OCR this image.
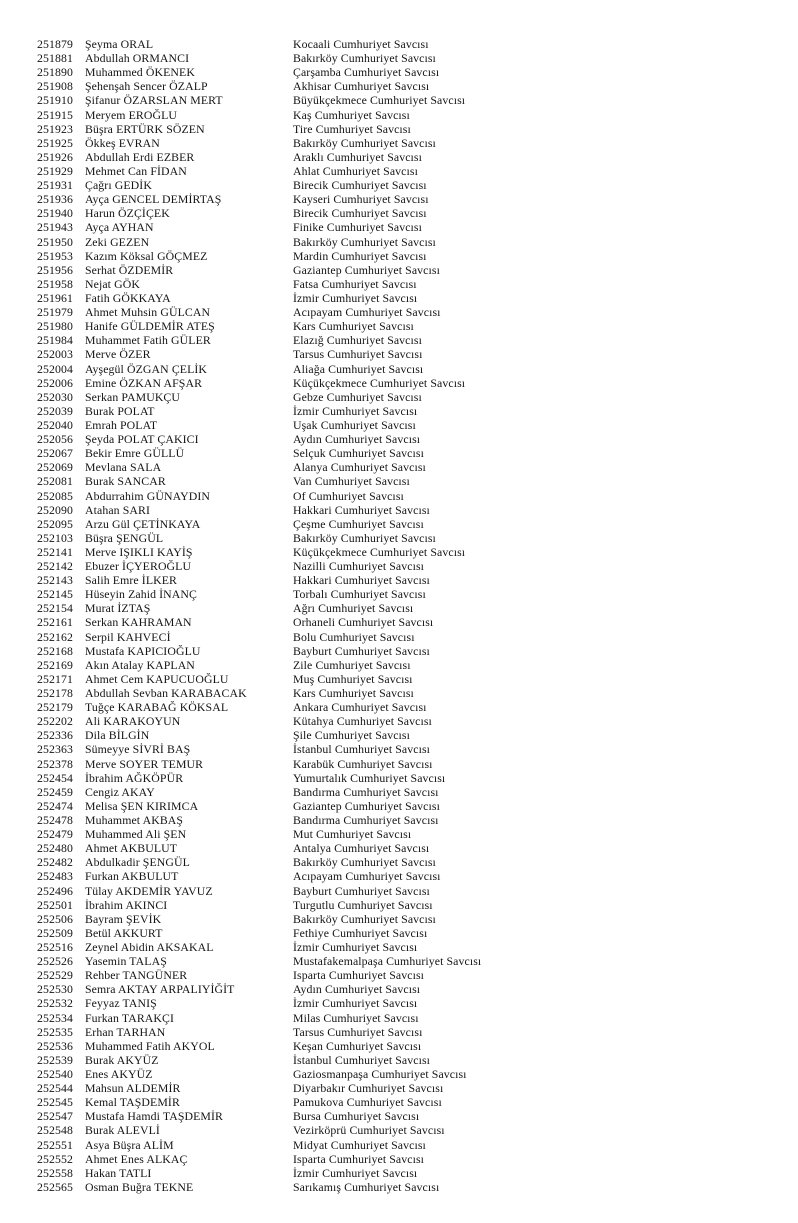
251879 Şeyma ORAL	Kocaali Cumhuriyet Savcısı
251881 Abdullah ORMANCI	Bakırköy Cumhuriyet Savcısı
251890 Muhammed ÖKENEK	Çarşamba Cumhuriyet Savcısı
251908 Şehenşah Sencer ÖZALP	Akhisar Cumhuriyet Savcısı
251910 Şifanur ÖZARSLAN MERT	Büyükçekmece Cumhuriyet Savcısı
251915 Meryem EROĞLU	Kaş Cumhuriyet Savcısı
251923 Büşra ERTÜRK SÖZEN	Tire Cumhuriyet Savcısı
251925 Ökkeş EVRAN	Bakırköy Cumhuriyet Savcısı
251926 Abdullah Erdi EZBER	Araklı Cumhuriyet Savcısı
251929 Mehmet Can FİDAN	Ahlat Cumhuriyet Savcısı
251931 Çağrı GEDİK	Birecik Cumhuriyet Savcısı
251936 Ayça GENCEL DEMİRTAŞ	Kayseri Cumhuriyet Savcısı
251940 Harun ÖZÇİÇEK	Birecik Cumhuriyet Savcısı
251943 Ayça AYHAN	Finike Cumhuriyet Savcısı
251950 Zeki GEZEN	Bakırköy Cumhuriyet Savcısı
251953 Kazım Köksal GÖÇMEZ	Mardin Cumhuriyet Savcısı
251956 Serhat ÖZDEMİR	Gaziantep Cumhuriyet Savcısı
251958 Nejat GÖK	Fatsa Cumhuriyet Savcısı
251961 Fatih GÖKKAYA	İzmir Cumhuriyet Savcısı
251979 Ahmet Muhsin GÜLCAN	Acıpayam Cumhuriyet Savcısı
251980 Hanife GÜLDEMİR ATEŞ	Kars Cumhuriyet Savcısı
251984 Muhammet Fatih GÜLER	Elazığ Cumhuriyet Savcısı
252003 Merve ÖZER	Tarsus Cumhuriyet Savcısı
252004 Ayşegül ÖZGAN ÇELİK	Aliağa Cumhuriyet Savcısı
252006 Emine ÖZKAN AFŞAR	Küçükçekmece Cumhuriyet Savcısı
252030 Serkan PAMUKÇU	Gebze Cumhuriyet Savcısı
252039 Burak POLAT	İzmir Cumhuriyet Savcısı
252040 Emrah POLAT	Uşak Cumhuriyet Savcısı
252056 Şeyda POLAT ÇAKICI	Aydın Cumhuriyet Savcısı
252067 Bekir Emre GÜLLÜ	Selçuk Cumhuriyet Savcısı
252069 Mevlana SALA	Alanya Cumhuriyet Savcısı
252081 Burak SANCAR	Van Cumhuriyet Savcısı
252085 Abdurrahim GÜNAYDIN	Of Cumhuriyet Savcısı
252090 Atahan SARI	Hakkari Cumhuriyet Savcısı
252095 Arzu Gül ÇETİNKAYA	Çeşme Cumhuriyet Savcısı
252103 Büşra ŞENGÜL	Bakırköy Cumhuriyet Savcısı
252141 Merve IŞIKLI KAYİŞ	Küçükçekmece Cumhuriyet Savcısı
252142 Ebuzer İÇYEROĞLU	Nazilli Cumhuriyet Savcısı
252143 Salih Emre İLKER	Hakkari Cumhuriyet Savcısı
252145 Hüseyin Zahid İNANÇ	Torbalı Cumhuriyet Savcısı
252154 Murat İZTAŞ	Ağrı Cumhuriyet Savcısı
252161 Serkan KAHRAMAN	Orhaneli Cumhuriyet Savcısı
252162 Serpil KAHVECİ	Bolu Cumhuriyet Savcısı
252168 Mustafa KAPICIOĞLU	Bayburt Cumhuriyet Savcısı
252169 Akın Atalay KAPLAN	Zile Cumhuriyet Savcısı
252171 Ahmet Cem KAPUCUOĞLU	Muş Cumhuriyet Savcısı
252178 Abdullah Sevban KARABACAK	Kars Cumhuriyet Savcısı
252179 Tuğçe KARABAĞ KÖKSAL	Ankara Cumhuriyet Savcısı
252202 Ali KARAKOYUN	Kütahya Cumhuriyet Savcısı
252336 Dila BİLGİN	Şile Cumhuriyet Savcısı
252363 Sümeyye SİVRİ BAŞ	İstanbul Cumhuriyet Savcısı
252378 Merve SOYER TEMUR	Karabük Cumhuriyet Savcısı
252454 İbrahim AĞKÖPÜR	Yumurtalık Cumhuriyet Savcısı
252459 Cengiz AKAY	Bandırma Cumhuriyet Savcısı
252474 Melisa ŞEN KIRIMCA	Gaziantep Cumhuriyet Savcısı
252478 Muhammet AKBAŞ	Bandırma Cumhuriyet Savcısı
252479 Muhammed Ali ŞEN	Mut Cumhuriyet Savcısı
252480 Ahmet AKBULUT	Antalya Cumhuriyet Savcısı
252482 Abdulkadir ŞENGÜL	Bakırköy Cumhuriyet Savcısı
252483 Furkan AKBULUT	Acıpayam Cumhuriyet Savcısı
252496 Tülay AKDEMİR YAVUZ	Bayburt Cumhuriyet Savcısı
252501 İbrahim AKINCI	Turgutlu Cumhuriyet Savcısı
252506 Bayram ŞEVİK	Bakırköy Cumhuriyet Savcısı
252509 Betül AKKURT	Fethiye Cumhuriyet Savcısı
252516 Zeynel Abidin AKSAKAL	İzmir Cumhuriyet Savcısı
252526 Yasemin TALAŞ	Mustafakemalpaşa Cumhuriyet Savcısı
252529 Rehber TANGÜNER	Isparta Cumhuriyet Savcısı
252530 Semra AKTAY ARPALIYİĞİT	Aydın Cumhuriyet Savcısı
252532 Feyyaz TANIŞ	İzmir Cumhuriyet Savcısı
252534 Furkan TARAKÇI	Milas Cumhuriyet Savcısı
252535 Erhan TARHAN	Tarsus Cumhuriyet Savcısı
252536 Muhammed Fatih AKYOL	Keşan Cumhuriyet Savcısı
252539 Burak AKYÜZ	İstanbul Cumhuriyet Savcısı
252540 Enes AKYÜZ	Gaziosmanpaşa Cumhuriyet Savcısı
252544 Mahsun ALDEMİR	Diyarbakır Cumhuriyet Savcısı
252545 Kemal TAŞDEMİR	Pamukova Cumhuriyet Savcısı
252547 Mustafa Hamdi TAŞDEMİR	Bursa Cumhuriyet Savcısı
252548 Burak ALEVLİ	Vezirköprü Cumhuriyet Savcısı
252551 Asya Büşra ALİM	Midyat Cumhuriyet Savcısı
252552 Ahmet Enes ALKAÇ	Isparta Cumhuriyet Savcısı
252558 Hakan TATLI	İzmir Cumhuriyet Savcısı
252565 Osman Buğra TEKNE	Sarıkamış Cumhuriyet Savcısı
